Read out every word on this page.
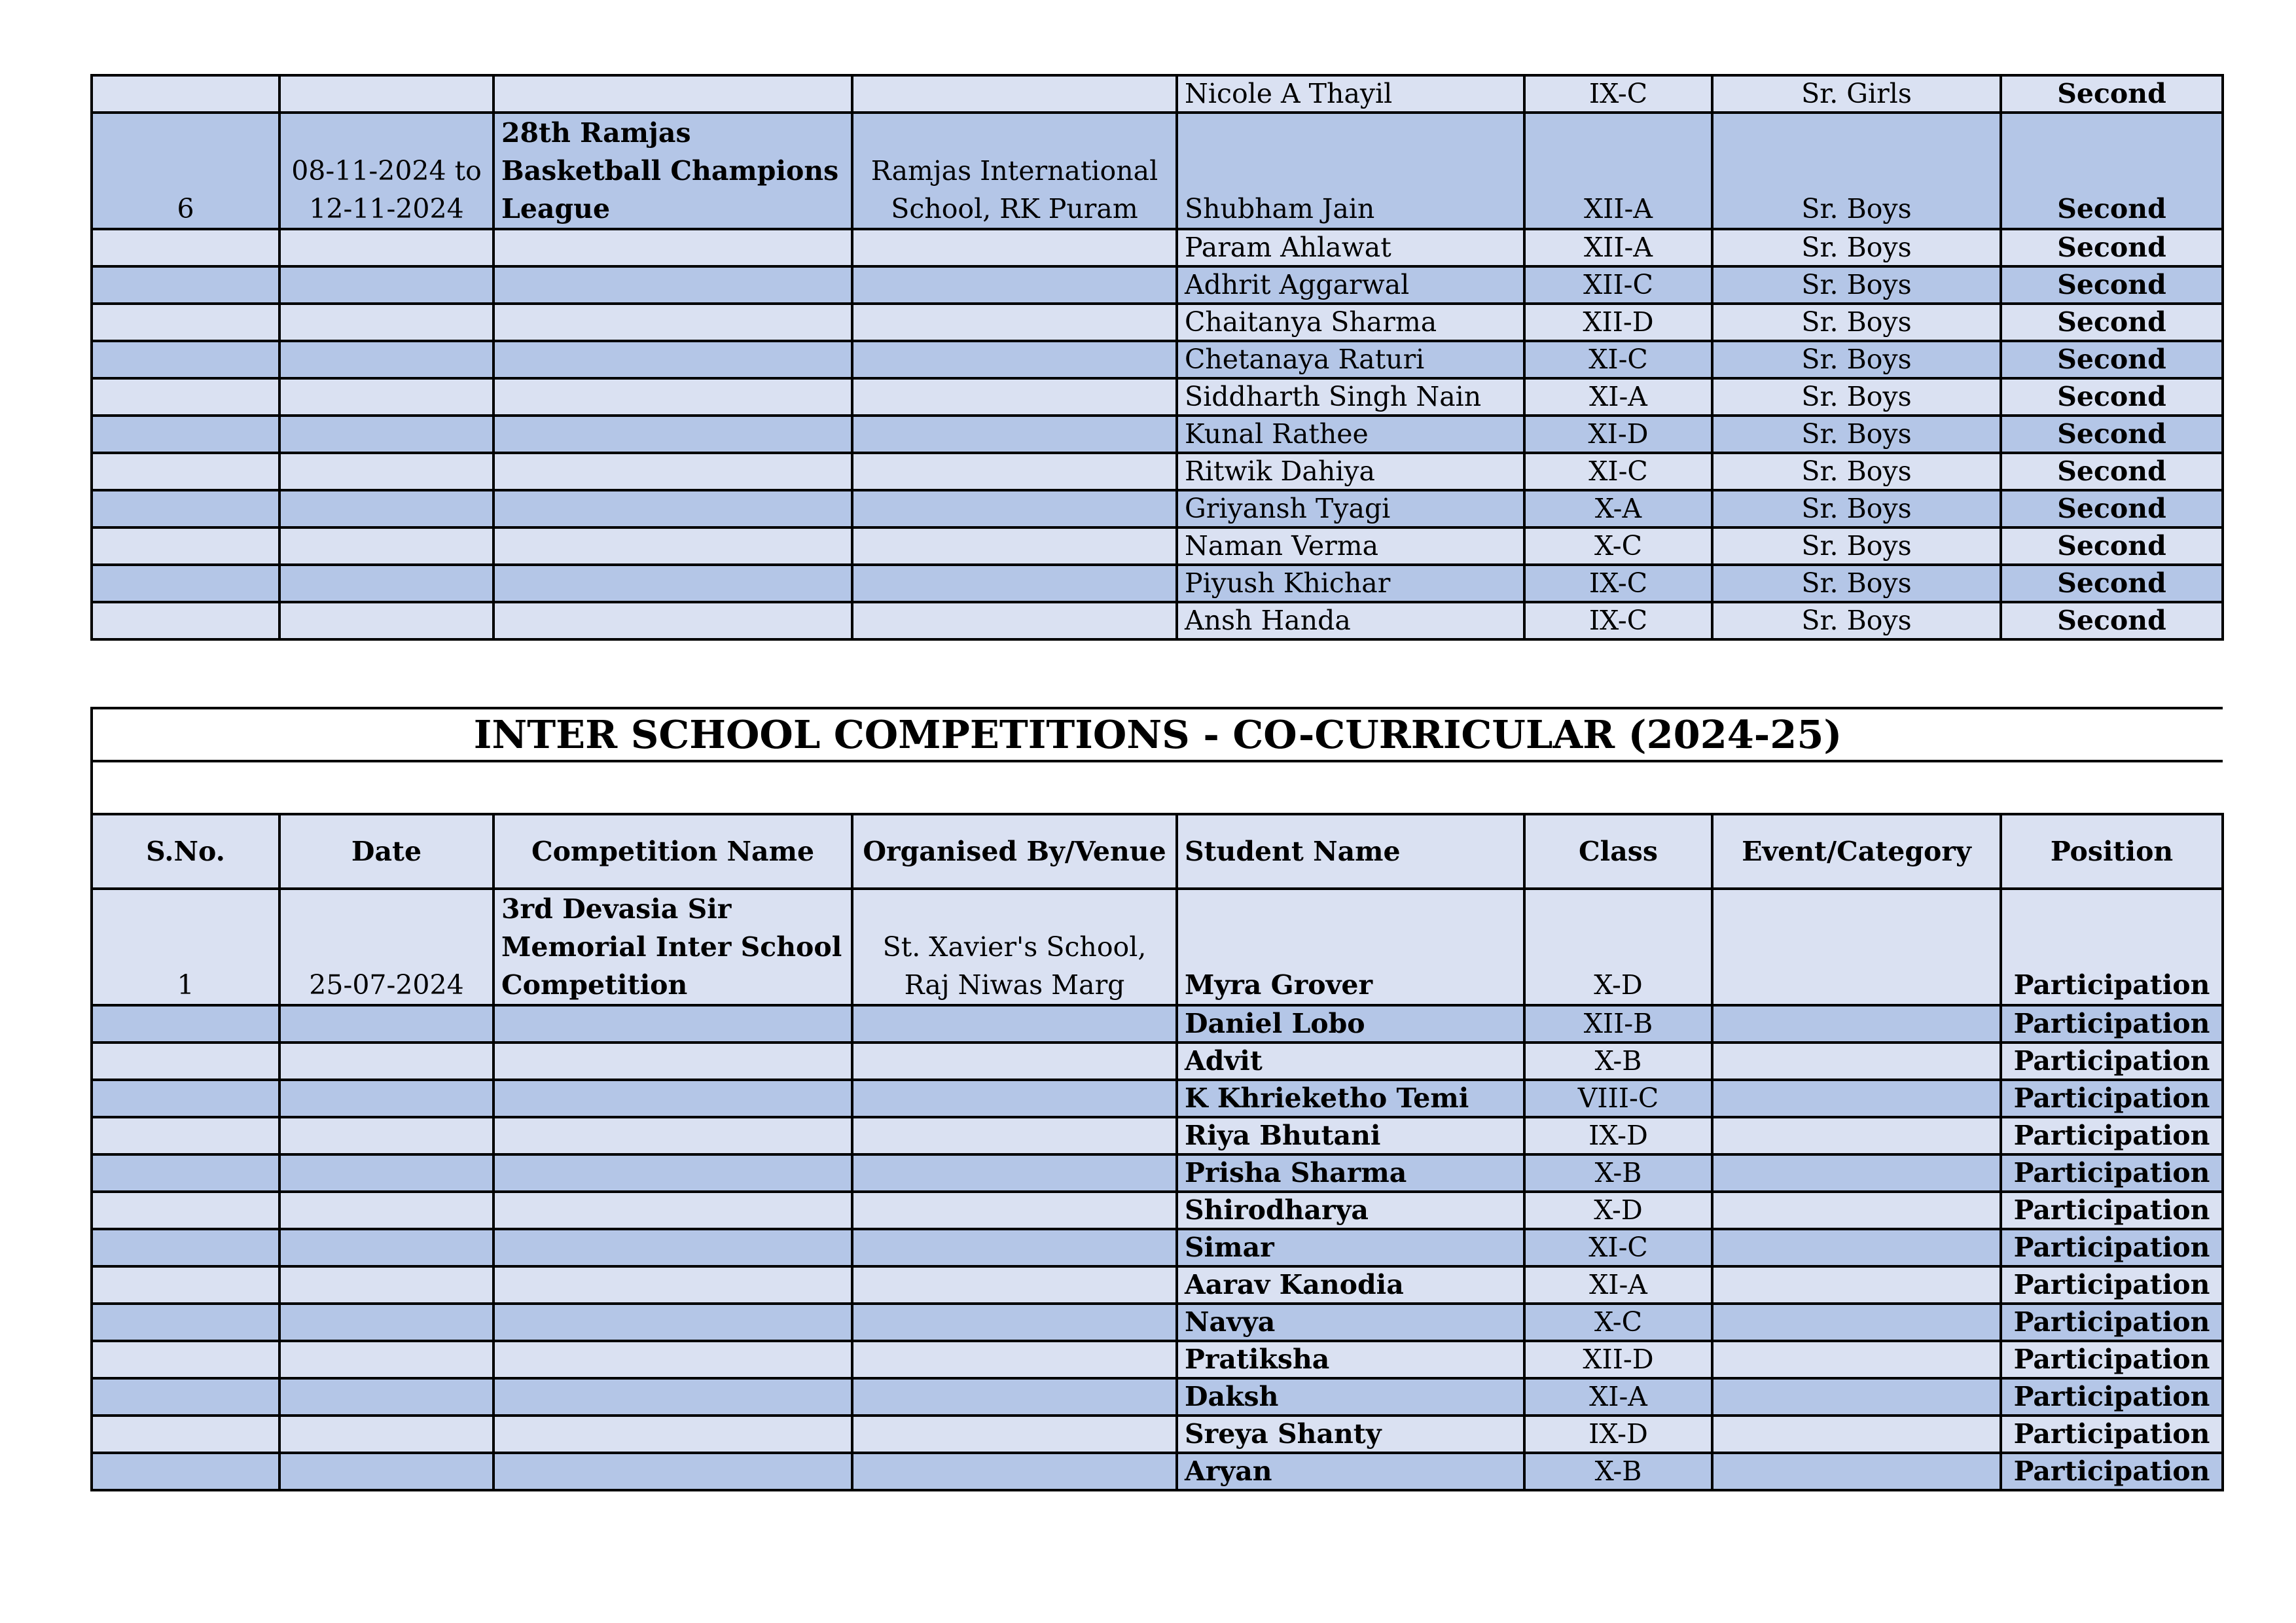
				Nicole A Thayil	IX-C	Sr. Girls	Second
6	08-11-2024 to 12-11-2024	28th Ramjas Basketball Champions League	Ramjas International School, RK Puram	Shubham Jain	XII-A	Sr. Boys	Second
				Param Ahlawat	XII-A	Sr. Boys	Second
				Adhrit Aggarwal	XII-C	Sr. Boys	Second
				Chaitanya Sharma	XII-D	Sr. Boys	Second
				Chetanaya Raturi	XI-C	Sr. Boys	Second
				Siddharth Singh Nain	XI-A	Sr. Boys	Second
				Kunal Rathee	XI-D	Sr. Boys	Second
				Ritwik Dahiya	XI-C	Sr. Boys	Second
				Griyansh Tyagi	X-A	Sr. Boys	Second
				Naman Verma	X-C	Sr. Boys	Second
				Piyush Khichar	IX-C	Sr. Boys	Second
				Ansh Handa	IX-C	Sr. Boys	Second
INTER SCHOOL COMPETITIONS - CO-CURRICULAR (2024-25)							

S.No.	Date	Competition Name	Organised By/Venue	Student Name	Class	Event/Category	Position
1	25-07-2024	3rd Devasia Sir Memorial Inter School Competition	St. Xavier's School, Raj Niwas Marg	Myra Grover	X-D		Participation
				Daniel Lobo	XII-B		Participation
				Advit	X-B		Participation
				K Khrieketho Temi	VIII-C		Participation
				Riya Bhutani	IX-D		Participation
				Prisha Sharma	X-B		Participation
				Shirodharya	X-D		Participation
				Simar	XI-C		Participation
				Aarav Kanodia	XI-A		Participation
				Navya	X-C		Participation
				Pratiksha	XII-D		Participation
				Daksh	XI-A		Participation
				Sreya Shanty	IX-D		Participation
				Aryan	X-B		Participation
